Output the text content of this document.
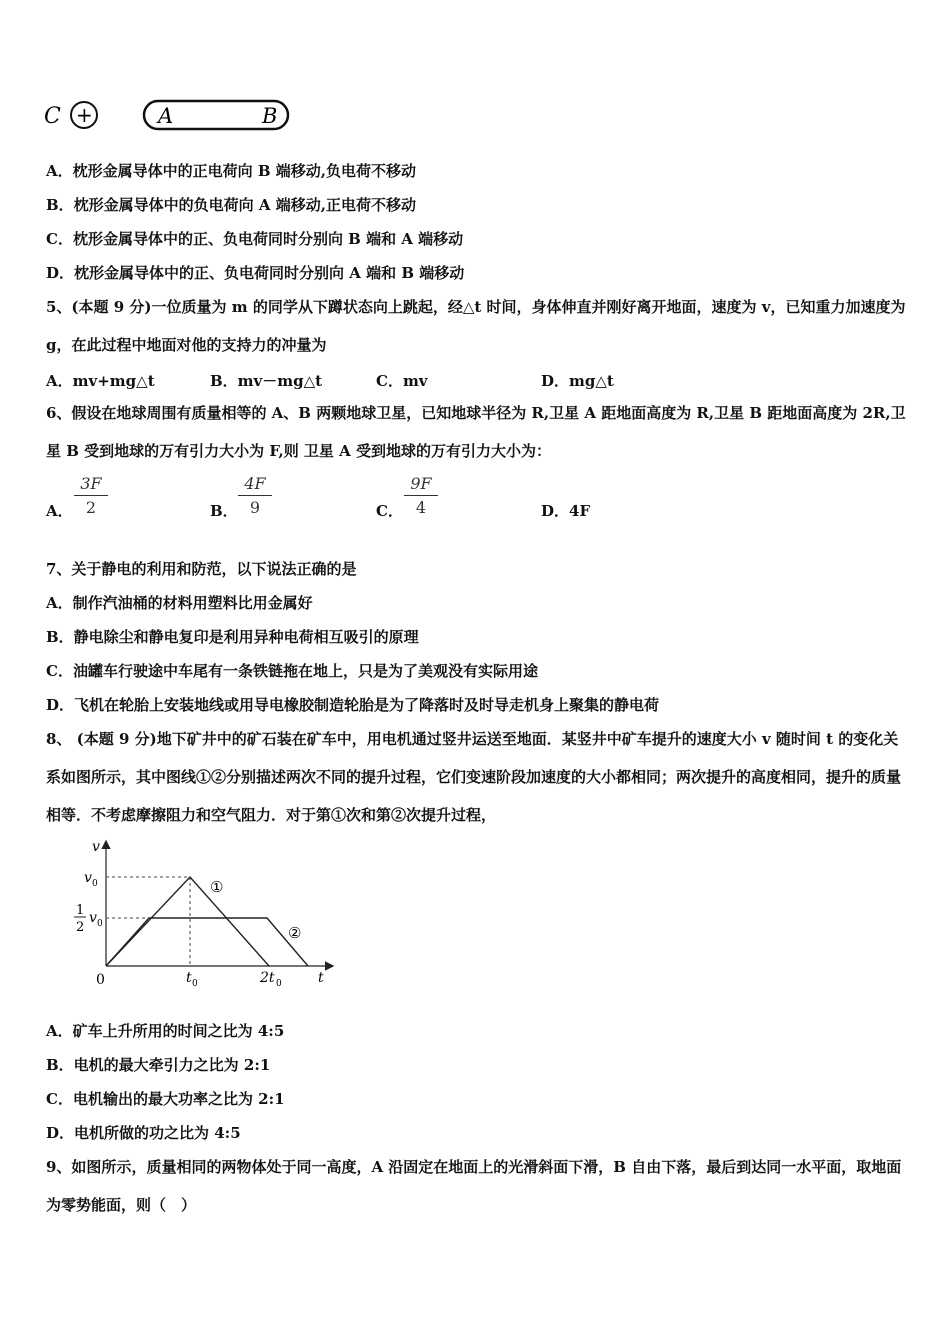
C +	A	B
A．枕形金属导体中的正电荷向 B 端移动,负电荷不移动
B．枕形金属导体中的负电荷向 A 端移动,正电荷不移动
C．枕形金属导体中的正、负电荷同时分别向 B 端和 A 端移动
D．枕形金属导体中的正、负电荷同时分别向 A 端和 B 端移动
5、(本题 9 分)一位质量为 m 的同学从下蹲状态向上跳起，经△t 时间，身体伸直并刚好离开地面，速度为 v，已知重力加速度为 g，在此过程中地面对他的支持力的冲量为
A．mv+mg△t	B．mv－mg△t	C．mv	D．mg△t
6、假设在地球周围有质量相等的 A、B 两颗地球卫星，已知地球半径为 R,卫星 A 距地面高度为 R,卫星 B 距地面高度为 2R,卫星 B 受到地球的万有引力大小为 F,则 卫星 A 受到地球的万有引力大小为：
A． $\frac{3F}{2}$	B． $\frac{4F}{9}$	C． $\frac{9F}{4}$	D．4F
7、关于静电的利用和防范，以下说法正确的是
A．制作汽油桶的材料用塑料比用金属好
B．静电除尘和静电复印是利用异种电荷相互吸引的原理
C．油罐车行驶途中车尾有一条铁链拖在地上，只是为了美观没有实际用途
D．飞机在轮胎上安装地线或用导电橡胶制造轮胎是为了降落时及时导走机身上聚集的静电荷
8、 (本题 9 分)地下矿井中的矿石装在矿车中，用电机通过竖井运送至地面．某竖井中矿车提升的速度大小 v 随时间 t 的变化关系如图所示，其中图线①②分别描述两次不同的提升过程，它们变速阶段加速度的大小都相同；两次提升的高度相同，提升的质量相等．不考虑摩擦阻力和空气阻力．对于第①次和第②次提升过程，
v
t
0
v 0
1
2
v 0
t 0	2t 0
①
②
A．矿车上升所用的时间之比为 4:5
B．电机的最大牵引力之比为 2:1
C．电机输出的最大功率之比为 2:1
D．电机所做的功之比为 4:5
9、如图所示，质量相同的两物体处于同一高度，A 沿固定在地面上的光滑斜面下滑，B 自由下落，最后到达同一水平面，取地面为零势能面，则（　）
